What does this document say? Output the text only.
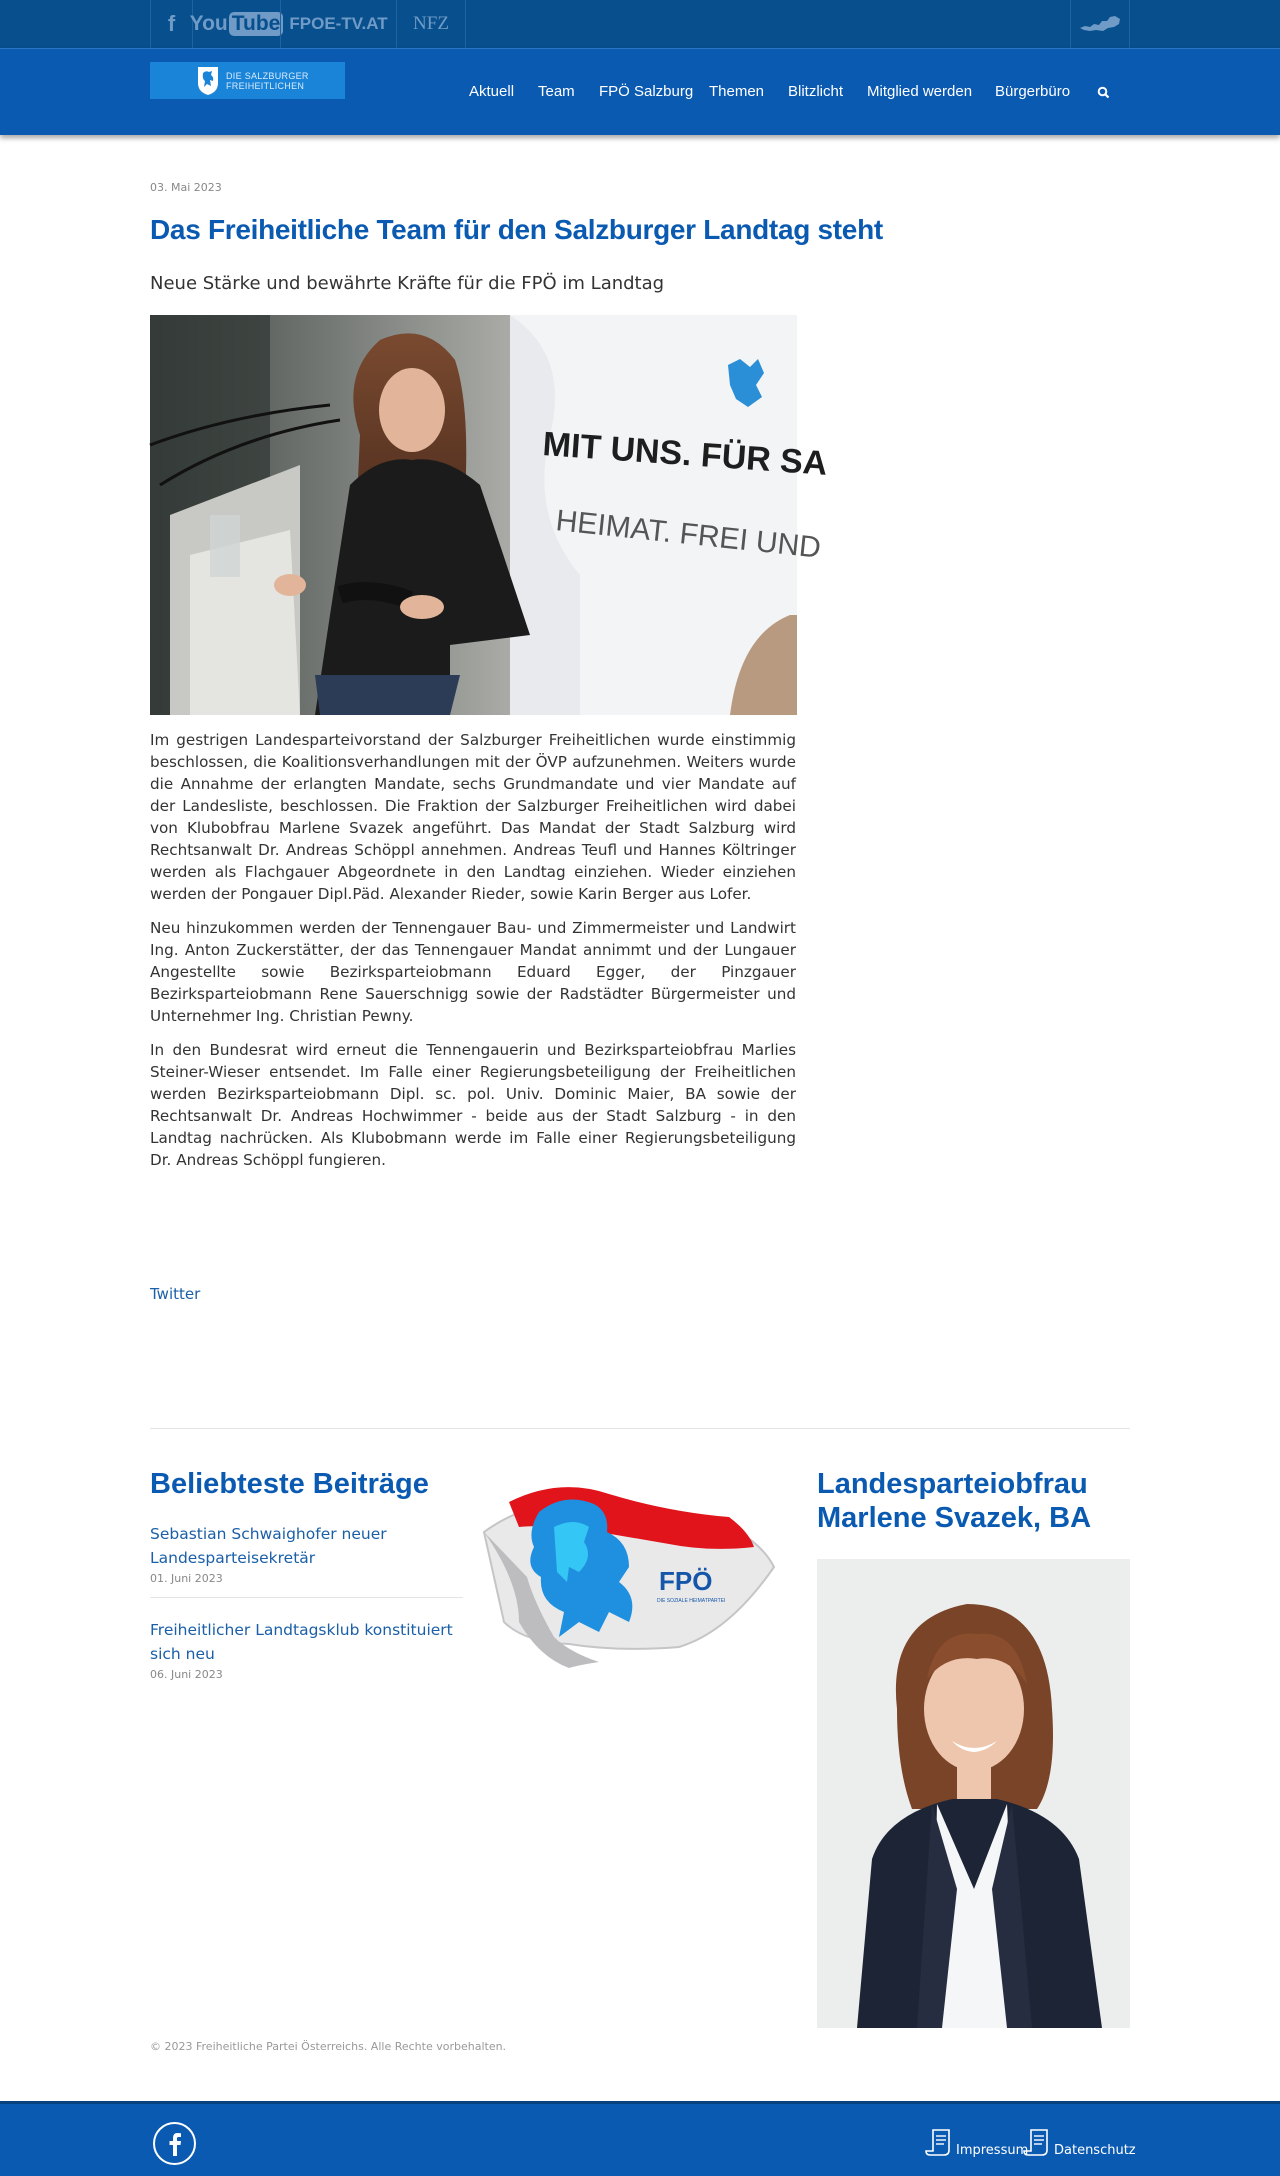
f You Tube FPOE-TV.AT	NFZ
DIE SALZBURGER
FREIHEITLICHEN	Aktuell Team FPÖ Salzburg Themen Blitzlicht Mitglied werden Bürgerbüro
03. Mai 2023
Das Freiheitliche Team für den Salzburger Landtag steht
Neue Stärke und bewährte Kräfte für die FPÖ im Landtag
MIT UNS. FÜR SA
HEIMAT. FREI UND

Im gestrigen Landesparteivorstand der Salzburger Freiheitlichen wurde einstimmig beschlossen, die Koalitionsverhandlungen mit der ÖVP aufzunehmen. Weiters wurde die Annahme der erlangten Mandate, sechs Grundmandate und vier Mandate auf der Landesliste, beschlossen. Die Fraktion der Salzburger Freiheitlichen wird dabei von Klubobfrau Marlene Svazek angeführt. Das Mandat der Stadt Salzburg wird Rechtsanwalt Dr. Andreas Schöppl annehmen. Andreas Teufl und Hannes Költringer werden als Flachgauer Abgeordnete in den Landtag einziehen. Wieder einziehen werden der Pongauer Dipl.Päd. Alexander Rieder, sowie Karin Berger aus Lofer.

Neu hinzukommen werden der Tennengauer Bau- und Zimmermeister und Landwirt Ing. Anton Zuckerstätter, der das Tennengauer Mandat annimmt und der Lungauer Angestellte sowie Bezirksparteiobmann Eduard Egger, der Pinzgauer Bezirksparteiobmann Rene Sauerschnigg sowie der Radstädter Bürgermeister und Unternehmer Ing. Christian Pewny.

In den Bundesrat wird erneut die Tennengauerin und Bezirksparteiobfrau Marlies Steiner-Wieser entsendet. Im Falle einer Regierungsbeteiligung der Freiheitlichen werden Bezirksparteiobmann Dipl. sc. pol. Univ. Dominic Maier, BA sowie der Rechtsanwalt Dr. Andreas Hochwimmer - beide aus der Stadt Salzburg - in den Landtag nachrücken. Als Klubobmann werde im Falle einer Regierungsbeteiligung Dr. Andreas Schöppl fungieren.

Twitter
Beliebteste Beiträge
Sebastian Schwaighofer neuer Landesparteisekretär
01. Juni 2023
Freiheitlicher Landtagsklub konstituiert sich neu
06. Juni 2023
FPÖ
DIE SOZIALE HEIMATPARTEI
Landesparteiobfrau
Marlene Svazek, BA
© 2023 Freiheitliche Partei Österreichs. Alle Rechte vorbehalten.
Impressum Datenschutz
